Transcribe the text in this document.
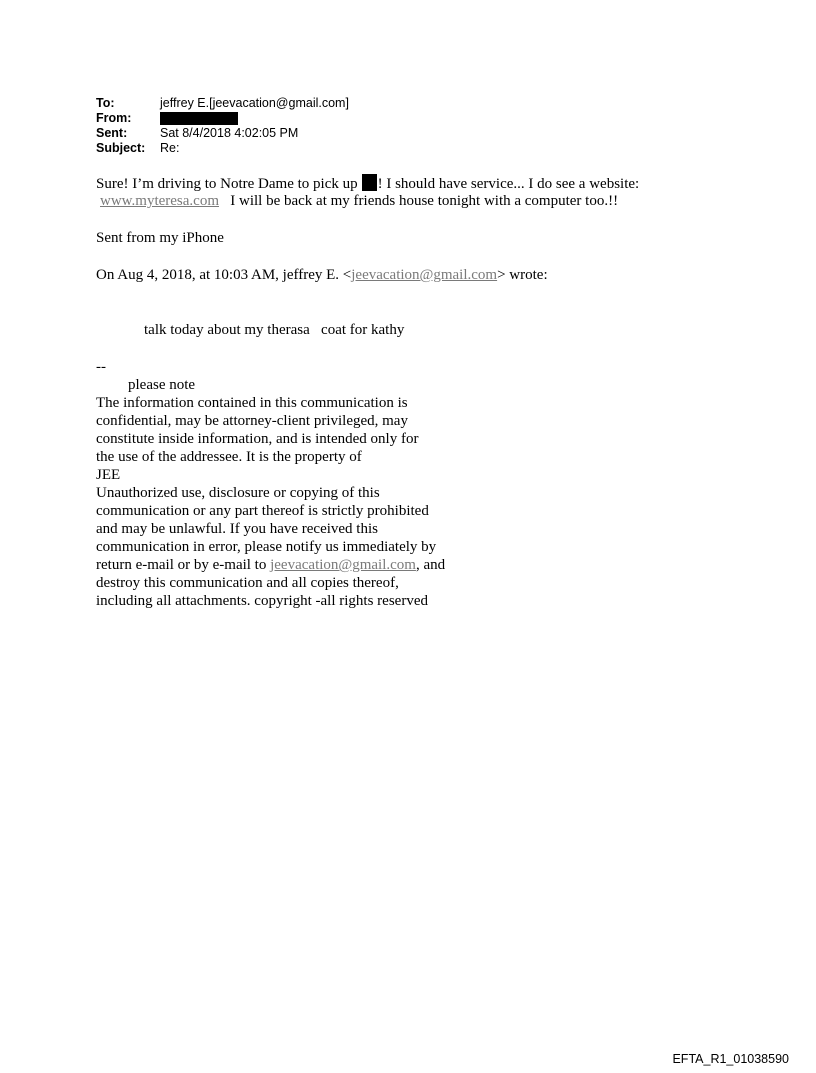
To:	jeffrey E.[jeevacation@gmail.com]
From:
Sent:	Sat 8/4/2018 4:02:05 PM
Subject:	Re:
Sure! I’m driving to Notre Dame to pick up ! I should have service... I do see a website:
www.myteresa.com   I will be back at my friends house tonight with a computer too.!!
Sent from my iPhone
On Aug 4, 2018, at 10:03 AM, jeffrey E. <jeevacation@gmail.com> wrote:
talk today about my therasa   coat for kathy
--
please note
The information contained in this communication is
confidential, may be attorney-client privileged, may
constitute inside information, and is intended only for
the use of the addressee. It is the property of
JEE
Unauthorized use, disclosure or copying of this
communication or any part thereof is strictly prohibited
and may be unlawful. If you have received this
communication in error, please notify us immediately by
return e-mail or by e-mail to jeevacation@gmail.com, and
destroy this communication and all copies thereof,
including all attachments. copyright -all rights reserved
EFTA_R1_01038590
